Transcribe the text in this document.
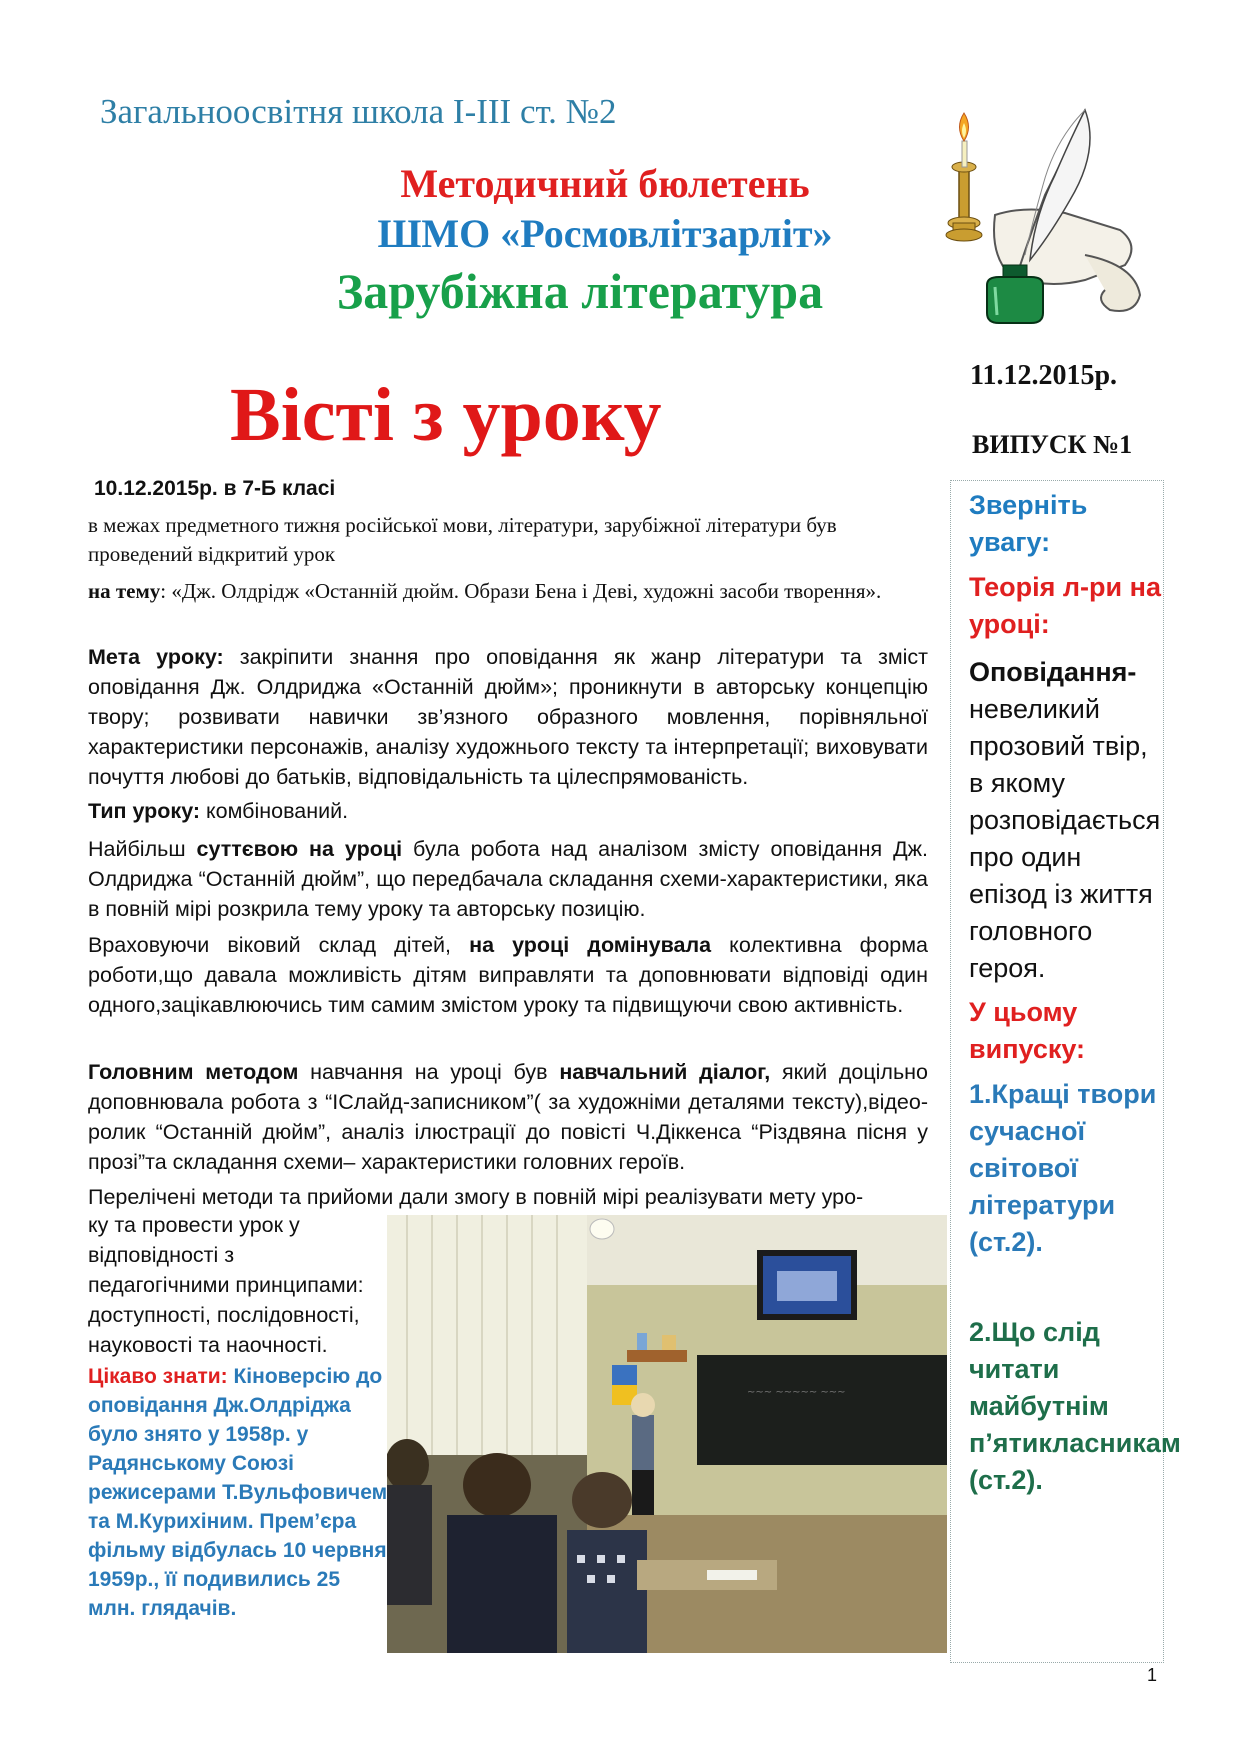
Загальноосвітня школа І-ІІІ ст. №2
Методичний бюлетень
ШМО «Росмовлітзарліт»
Зарубіжна література
Вісті з уроку	11.12.2015р.
ВИПУСК №1
10.12.2015р. в 7-Б класі
в межах предметного тижня російської мови, літератури, зарубіжної літератури був проведений відкритий урок
на тему: «Дж. Олдрідж «Останній дюйм. Образи Бена і Деві, художні засоби творення».
Мета уроку: закріпити знання про оповідання як жанр літератури та зміст оповідання Дж. Олдриджа «Останній дюйм»; проникнути в авторську концепцію твору; розвивати навички зв’язного образного мовлення, порівняльної характеристики персонажів, аналізу художнього тексту та інтерпретації; виховувати почуття любові до батьків, відповідальність та цілеспрямованість.
Тип уроку: комбінований.
Найбільш суттєвою на уроці була робота над аналізом змісту оповідання Дж. Олдриджа “Останній дюйм”, що передбачала складання схеми-характеристики, яка в повній мірі розкрила тему уроку та авторську позицію.
Враховуючи віковий склад дітей, на уроці домінувала колективна форма роботи,що давала можливість дітям виправляти та доповнювати відповіді один одного,зацікавлюючись тим самим змістом уроку та підвищуючи свою активність.
Головним методом навчання на уроці був навчальний діалог, який доцільно доповнювала робота з “ІСлайд-записником”( за художніми деталями тексту),відео-ролик “Останній дюйм”, аналіз ілюстрації до повісті Ч.Діккенса “Різдвяна пісня у прозі”та складання схеми– характеристики головних героїв.
Перелічені методи та прийоми дали змогу в повній мірі реалізувати мету уро-
ку та провести урок у відповідності з педагогічними принципами: доступності, послідовності, науковості та наочності.
Цікаво знати: Кіноверсію до оповідання Дж.Олдріджа було знято у 1958р. у Радянському Союзі режисерами Т.Вульфовичем та М.Курихіним. Прем’єра фільму відбулась 10 червня 1959р., її подивились 25 млн. глядачів.
~~~ ~~~~~ ~~~
Зверніть увагу:
Теорія л-ри на уроці:
Оповідання-невеликий прозовий твір, в якому розповідається про один епізод із життя головного героя.
У цьому випуску:
1.Кращі твори сучасної світової літератури (ст.2).
2.Що слід читати майбутнім п’ятикласникам (ст.2).
1
